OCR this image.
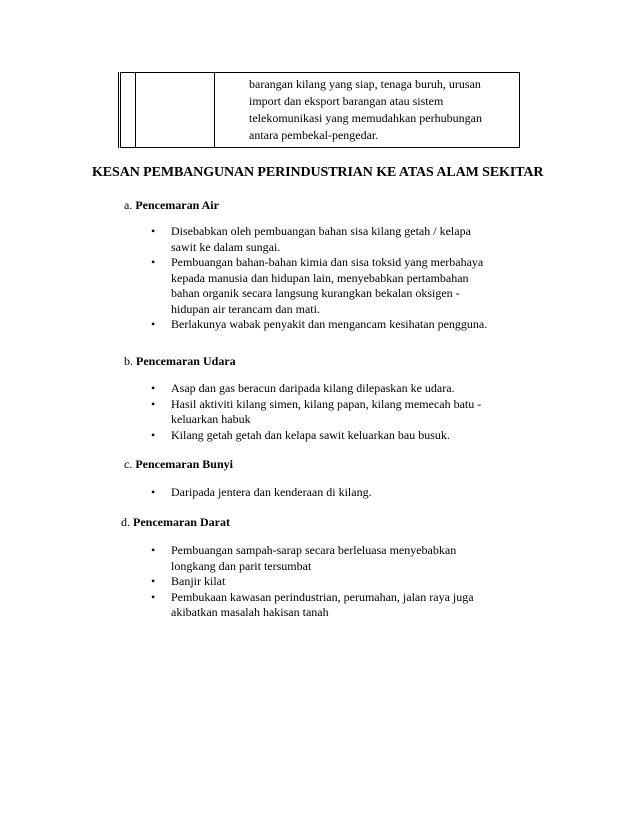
barangan kilang yang siap, tenaga buruh, urusan
import dan eksport barangan atau sistem
telekomunikasi yang memudahkan perhubungan
antara pembekal-pengedar.
KESAN PEMBANGUNAN PERINDUSTRIAN KE ATAS ALAM SEKITAR
a. Pencemaran Air
• Disebabkan oleh pembuangan bahan sisa kilang getah / kelapa
sawit ke dalam sungai.
• Pembuangan bahan-bahan kimia dan sisa toksid yang merbahaya
kepada manusia dan hidupan lain, menyebabkan pertambahan
bahan organik secara langsung kurangkan bekalan oksigen -
hidupan air terancam dan mati.
• Berlakunya wabak penyakit dan mengancam kesihatan pengguna.
b. Pencemaran Udara
• Asap dan gas beracun daripada kilang dilepaskan ke udara.
• Hasil aktiviti kilang simen, kilang papan, kilang memecah batu -
keluarkan habuk
• Kilang getah getah dan kelapa sawit keluarkan bau busuk.
c. Pencemaran Bunyi
• Daripada jentera dan kenderaan di kilang.
d. Pencemaran Darat
• Pembuangan sampah-sarap secara berleluasa menyebabkan
longkang dan parit tersumbat
• Banjir kilat
• Pembukaan kawasan perindustrian, perumahan, jalan raya juga
akibatkan masalah hakisan tanah
